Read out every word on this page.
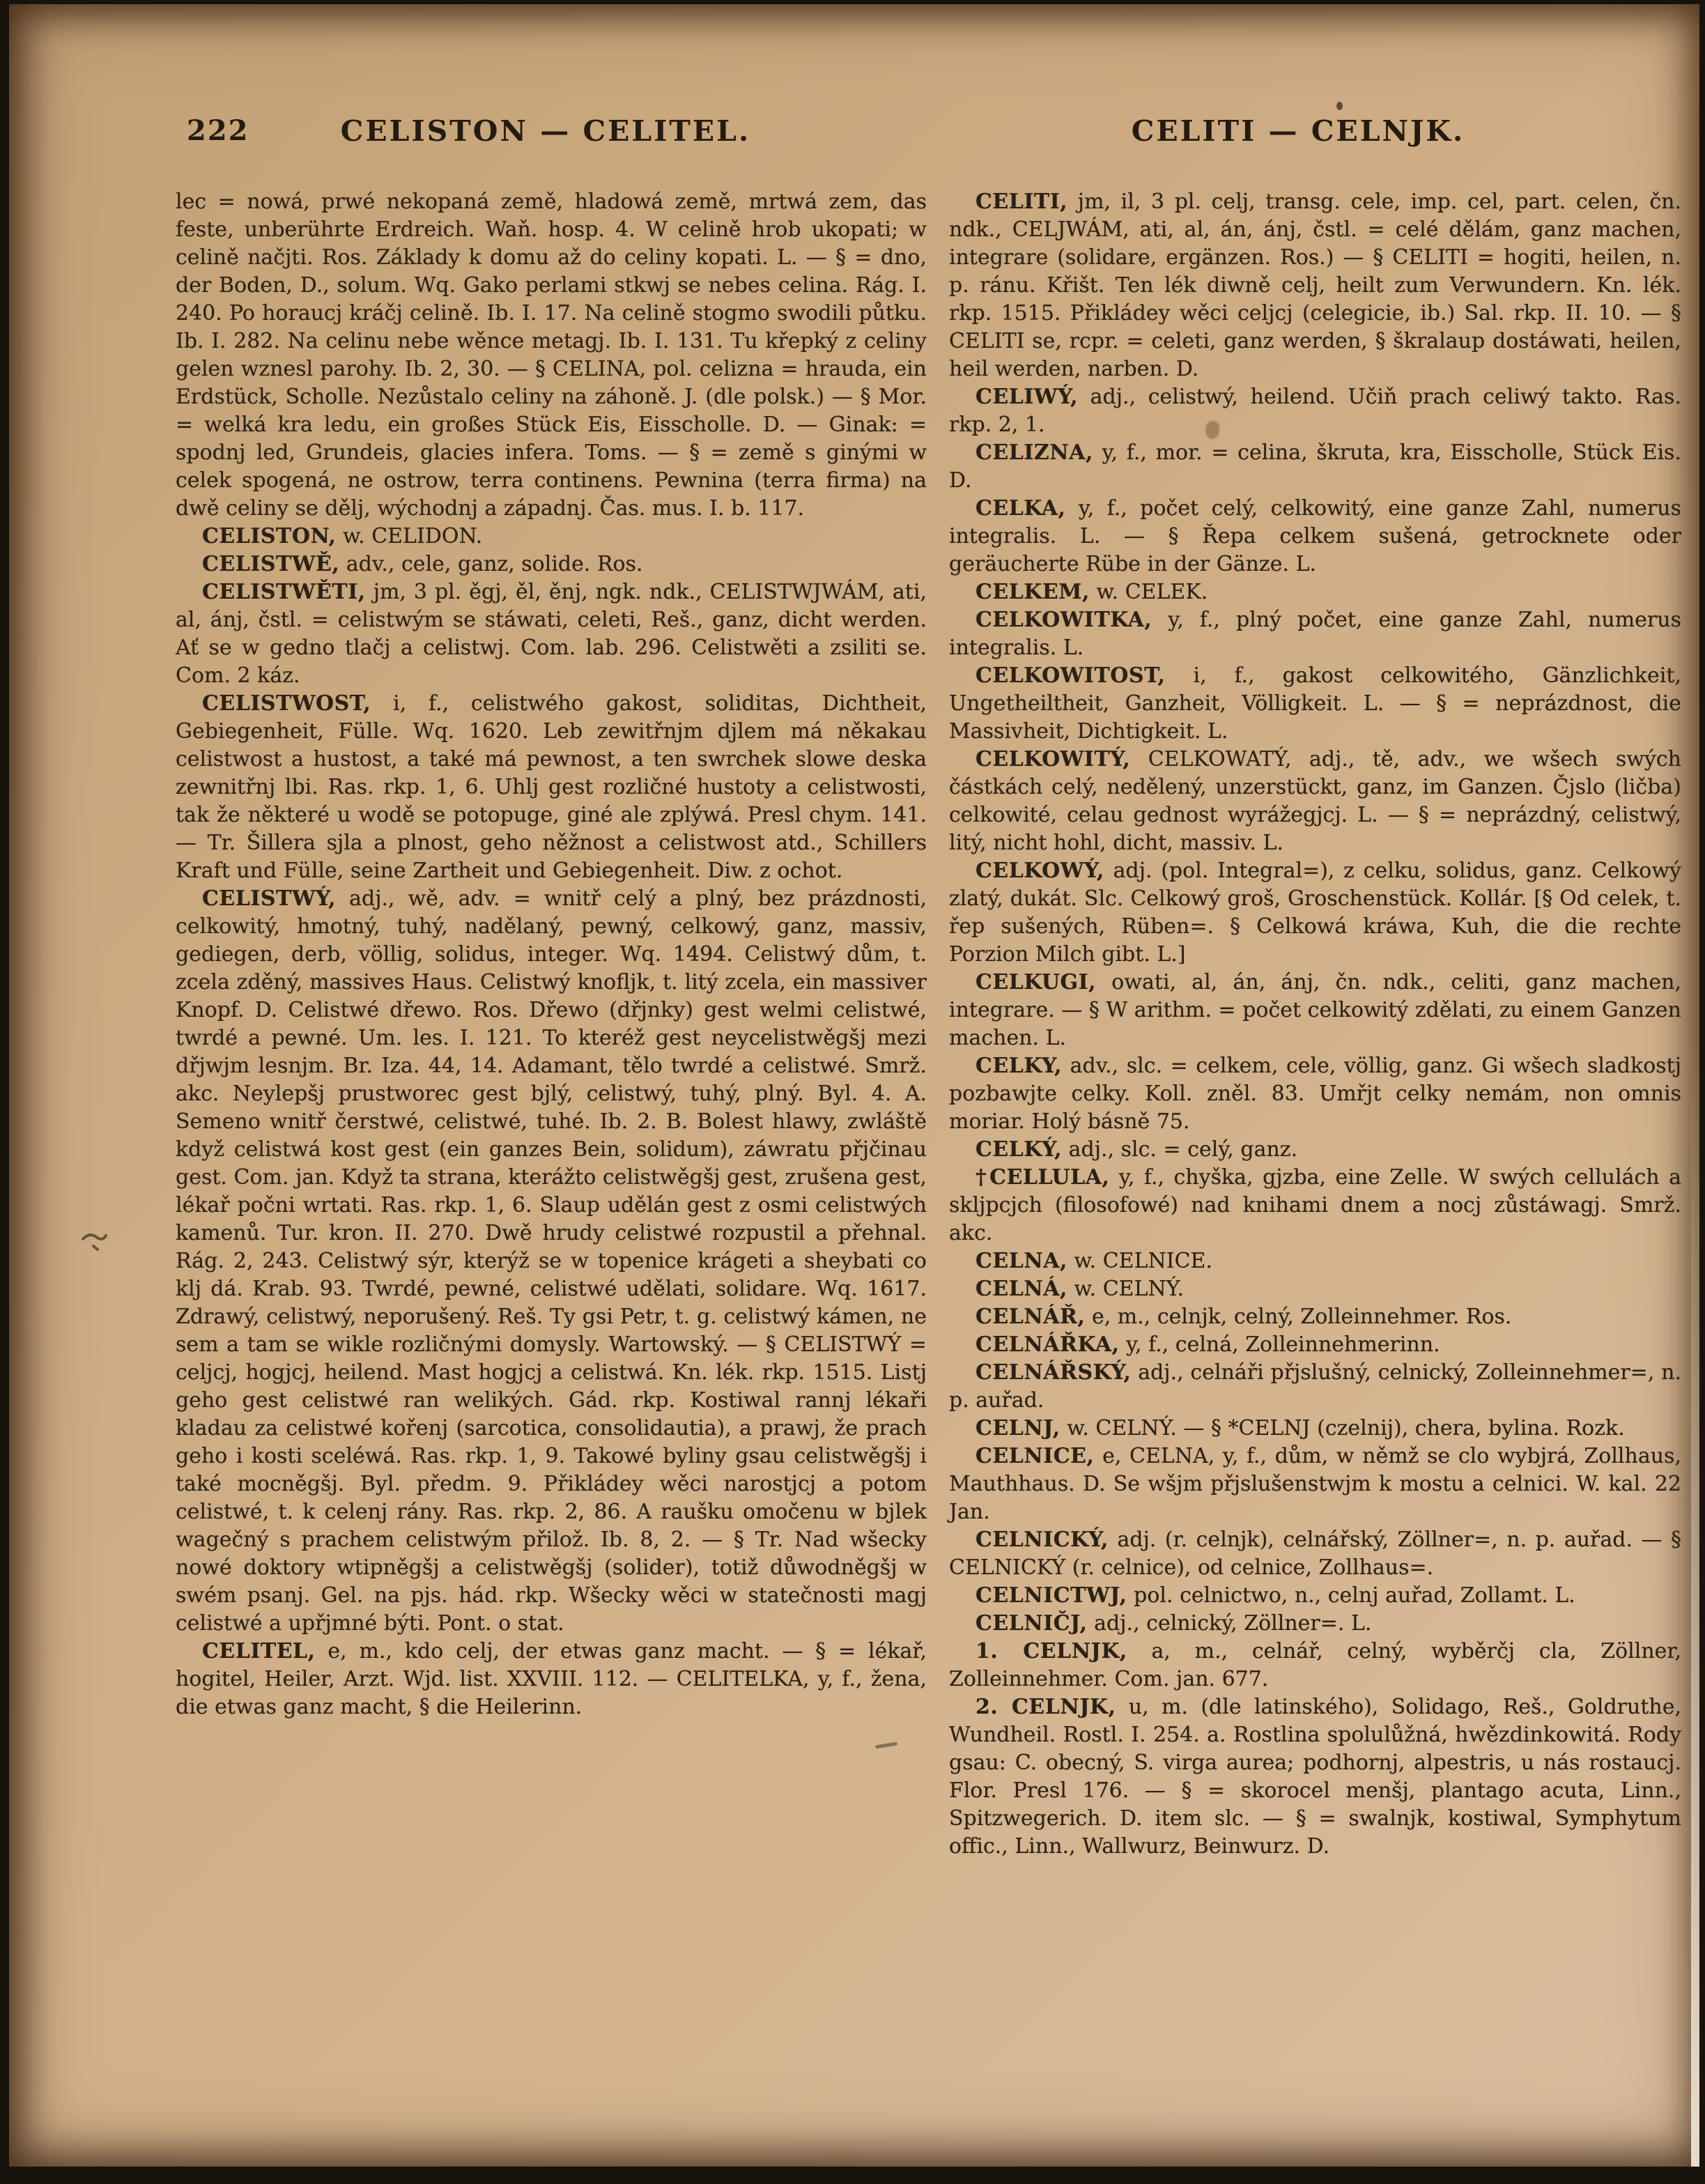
222	CELISTON — CELITEL.	CELITI — CELNJK.

lec = nowá, prwé nekopaná země, hladowá země, mrtwá zem, das feste, unberührte Erdreich. Waň. hosp. 4. W celině hrob ukopati; w celině načjti. Ros. Základy k domu až do celiny kopati. L. — § = dno, der Boden, D., solum. Wq. Gako perlami stkwj se nebes celina. Rág. I. 240. Po horaucj kráčj celině. Ib. I. 17. Na celině stogmo swodili půtku. Ib. I. 282. Na celinu nebe wěnce metagj. Ib. I. 131. Tu křepký z celiny gelen wznesl parohy. Ib. 2, 30. — § CELINA, pol. celizna = hrauda, ein Erdstück, Scholle. Nezůstalo celiny na záhoně. J. (dle polsk.) — § Mor. = welká kra ledu, ein großes Stück Eis, Eisscholle. D. — Ginak: = spodnj led, Grundeis, glacies infera. Toms. — § = země s ginými w celek spogená, ne ostrow, terra continens. Pewnina (terra firma) na dwě celiny se dělj, wýchodnj a západnj. Čas. mus. I. b. 117.

CELISTON, w. CELIDON.

CELISTWĚ, adv., cele, ganz, solide. Ros.

CELISTWĚTI, jm, 3 pl. ěgj, ěl, ěnj, ngk. ndk., CELISTWJWÁM, ati, al, ánj, čstl. = celistwým se stáwati, celeti, Reš., ganz, dicht werden. Ať se w gedno tlačj a celistwj. Com. lab. 296. Celistwěti a zsiliti se. Com. 2 káz.

CELISTWOST, i, f., celistwého gakost, soliditas, Dichtheit, Gebiegenheit, Fülle. Wq. 1620. Leb zewitřnjm djlem má někakau celistwost a hustost, a také má pewnost, a ten swrchek slowe deska zewnitřnj lbi. Ras. rkp. 1, 6. Uhlj gest rozličné hustoty a celistwosti, tak že některé u wodě se potopuge, giné ale zplýwá. Presl chym. 141. — Tr. Šillera sjla a plnost, geho něžnost a celistwost atd., Schillers Kraft und Fülle, seine Zartheit und Gebiegenheit. Diw. z ochot.

CELISTWÝ, adj., wě, adv. = wnitř celý a plný, bez prázdnosti, celkowitý, hmotný, tuhý, nadělaný, pewný, celkowý, ganz, massiv, gediegen, derb, völlig, solidus, integer. Wq. 1494. Celistwý dům, t. zcela zděný, massives Haus. Celistwý knofljk, t. litý zcela, ein massiver Knopf. D. Celistwé dřewo. Ros. Dřewo (dřjnky) gest welmi celistwé, twrdé a pewné. Um. les. I. 121. To kteréž gest neycelistwěgšj mezi dřjwjm lesnjm. Br. Iza. 44, 14. Adamant, tělo twrdé a celistwé. Smrž. akc. Neylepšj prustworec gest bjlý, celistwý, tuhý, plný. Byl. 4. A. Semeno wnitř čerstwé, celistwé, tuhé. Ib. 2. B. Bolest hlawy, zwláště když celistwá kost gest (ein ganzes Bein, solidum), záwratu přjčinau gest. Com. jan. Když ta strana, kterážto celistwěgšj gest, zrušena gest, lékař počni wrtati. Ras. rkp. 1, 6. Slaup udělán gest z osmi celistwých kamenů. Tur. kron. II. 270. Dwě hrudy celistwé rozpustil a přehnal. Rág. 2, 243. Celistwý sýr, kterýž se w topenice krágeti a sheybati co klj dá. Krab. 93. Twrdé, pewné, celistwé udělati, solidare. Wq. 1617. Zdrawý, celistwý, neporušený. Reš. Ty gsi Petr, t. g. celistwý kámen, ne sem a tam se wikle rozličnými domysly. Wartowský. — § CELISTWÝ = celjcj, hogjcj, heilend. Mast hogjcj a celistwá. Kn. lék. rkp. 1515. Listj geho gest celistwé ran welikých. Gád. rkp. Kostiwal rannj lékaři kladau za celistwé kořenj (sarcotica, consolidautia), a prawj, že prach geho i kosti sceléwá. Ras. rkp. 1, 9. Takowé byliny gsau celistwěgšj i také mocněgšj. Byl. předm. 9. Přikládey wěci narostjcj a potom celistwé, t. k celenj rány. Ras. rkp. 2, 86. A raušku omočenu w bjlek wagečný s prachem celistwým přilož. Ib. 8, 2. — § Tr. Nad wšecky nowé doktory wtipněgšj a celistwěgšj (solider), totiž důwodněgšj w swém psanj. Gel. na pjs. hád. rkp. Wšecky wěci w statečnosti magj celistwé a upřjmné býti. Pont. o stat.

CELITEL, e, m., kdo celj, der etwas ganz macht. — § = lékař, hogitel, Heiler, Arzt. Wjd. list. XXVIII. 112. — CELITELKA, y, f., žena, die etwas ganz macht, § die Heilerinn.

CELITI, jm, il, 3 pl. celj, transg. cele, imp. cel, part. celen, čn. ndk., CELJWÁM, ati, al, án, ánj, čstl. = celé dělám, ganz machen, integrare (solidare, ergänzen. Ros.) — § CELITI = hogiti, heilen, n. p. ránu. Křišt. Ten lék diwně celj, heilt zum Verwundern. Kn. lék. rkp. 1515. Přikládey wěci celjcj (celegicie, ib.) Sal. rkp. II. 10. — § CELITI se, rcpr. = celeti, ganz werden, § škralaup dostáwati, heilen, heil werden, narben. D.

CELIWÝ, adj., celistwý, heilend. Učiň prach celiwý takto. Ras. rkp. 2, 1.

CELIZNA, y, f., mor. = celina, škruta, kra, Eisscholle, Stück Eis. D.

CELKA, y, f., počet celý, celkowitý, eine ganze Zahl, numerus integralis. L. — § Řepa celkem sušená, getrocknete oder geräucherte Rübe in der Gänze. L.

CELKEM, w. CELEK.

CELKOWITKA, y, f., plný počet, eine ganze Zahl, numerus integralis. L.

CELKOWITOST, i, f., gakost celkowitého, Gänzlichkeit, Ungetheiltheit, Ganzheit, Völligkeit. L. — § = neprázdnost, die Massivheit, Dichtigkeit. L.

CELKOWITÝ, CELKOWATÝ, adj., tě, adv., we wšech swých částkách celý, nedělený, unzerstückt, ganz, im Ganzen. Čjslo (ličba) celkowité, celau gednost wyrážegjcj. L. — § = neprázdný, celistwý, litý, nicht hohl, dicht, massiv. L.

CELKOWÝ, adj. (pol. Integral=), z celku, solidus, ganz. Celkowý zlatý, dukát. Slc. Celkowý groš, Groschenstück. Kollár. [§ Od celek, t. řep sušených, Rüben=. § Celkowá kráwa, Kuh, die die rechte Porzion Milch gibt. L.]

CELKUGI, owati, al, án, ánj, čn. ndk., celiti, ganz machen, integrare. — § W arithm. = počet celkowitý zdělati, zu einem Ganzen machen. L.

CELKY, adv., slc. = celkem, cele, völlig, ganz. Gi wšech sladkostj pozbawjte celky. Koll. zněl. 83. Umřjt celky nemám, non omnis moriar. Holý básně 75.

CELKÝ, adj., slc. = celý, ganz.

†CELLULA, y, f., chyška, gjzba, eine Zelle. W swých cellulách a skljpcjch (filosofowé) nad knihami dnem a nocj zůstáwagj. Smrž. akc.

CELNA, w. CELNICE.

CELNÁ, w. CELNÝ.

CELNÁŘ, e, m., celnjk, celný, Zolleinnehmer. Ros.

CELNÁŘKA, y, f., celná, Zolleinnehmerinn.

CELNÁŘSKÝ, adj., celnáři přjslušný, celnický, Zolleinnehmer=, n. p. auřad.

CELNJ, w. CELNÝ. — § *CELNJ (czelnij), chera, bylina. Rozk.

CELNICE, e, CELNA, y, f., dům, w němž se clo wybjrá, Zollhaus, Mauthhaus. D. Se wšjm přjslušenstwjm k mostu a celnici. W. kal. 22 Jan.

CELNICKÝ, adj. (r. celnjk), celnářský, Zöllner=, n. p. auřad. — § CELNICKÝ (r. celnice), od celnice, Zollhaus=.

CELNICTWJ, pol. celnictwo, n., celnj auřad, Zollamt. L.

CELNIČJ, adj., celnický, Zöllner=. L.

1. CELNJK, a, m., celnář, celný, wyběrčj cla, Zöllner, Zolleinnehmer. Com. jan. 677.

2. CELNJK, u, m. (dle latinského), Solidago, Reš., Goldruthe, Wundheil. Rostl. I. 254. a. Rostlina spolulůžná, hwězdinkowitá. Rody gsau: C. obecný, S. virga aurea; podhornj, alpestris, u nás rostaucj. Flor. Presl 176. — § = skorocel menšj, plantago acuta, Linn., Spitzwegerich. D. item slc. — § = swalnjk, kostiwal, Symphytum offic., Linn., Wallwurz, Beinwurz. D.
